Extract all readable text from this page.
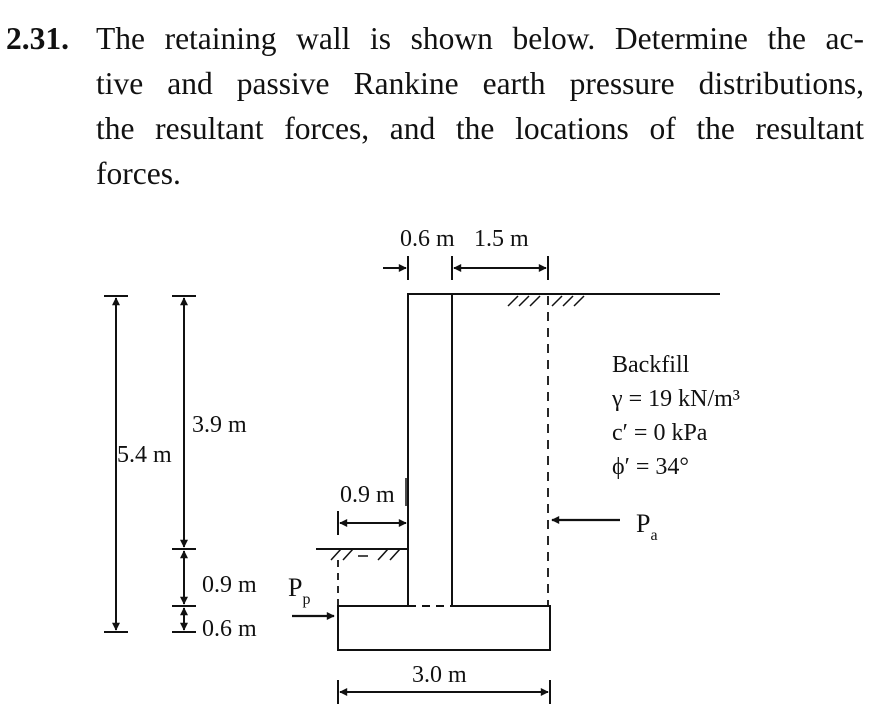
2.31. The retaining wall is shown below. Determine the ac-
tive and passive Rankine earth pressure distributions,
the resultant forces, and the locations of the resultant
forces.
0.6 m 1.5 m
5.4 m
3.9 m
0.9 m
0.6 m
0.9 m
3.0 m
Backfill
γ = 19 kN/m³
c′ = 0 kPa
ϕ′ = 34°
$P_a$
$P_p$
